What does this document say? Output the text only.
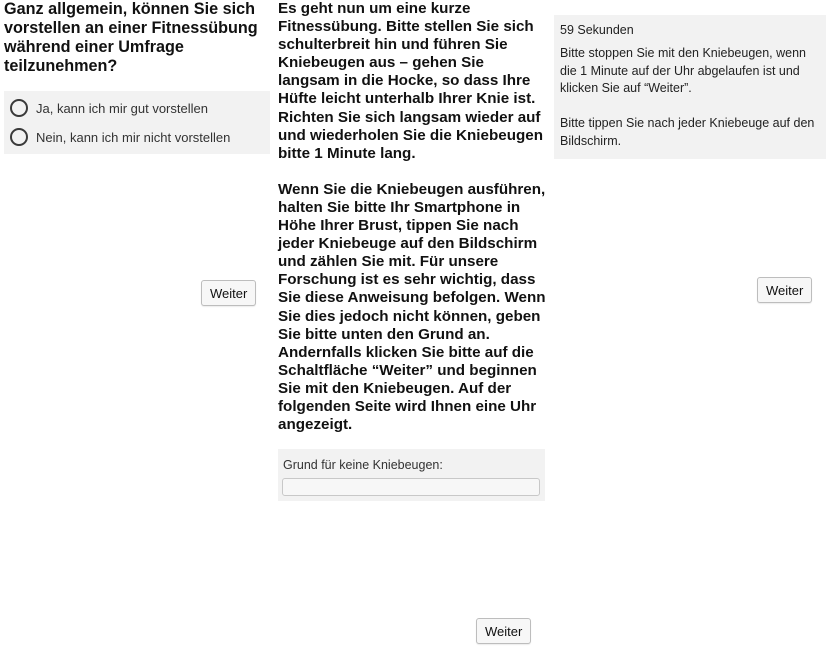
Ganz allgemein, können Sie sich vorstellen an einer Fitnessübung während einer Umfrage teilzunehmen?
Ja, kann ich mir gut vorstellen
Nein, kann ich mir nicht vorstellen
Weiter

Es geht nun um eine kurze Fitnessübung. Bitte stellen Sie sich schulterbreit hin und führen Sie Kniebeugen aus – gehen Sie langsam in die Hocke, so dass Ihre Hüfte leicht unterhalb Ihrer Knie ist. Richten Sie sich langsam wieder auf und wiederholen Sie die Kniebeugen bitte 1 Minute lang.

Wenn Sie die Kniebeugen ausführen, halten Sie bitte Ihr Smartphone in Höhe Ihrer Brust, tippen Sie nach jeder Kniebeuge auf den Bildschirm und zählen Sie mit. Für unsere Forschung ist es sehr wichtig, dass Sie diese Anweisung befolgen. Wenn Sie dies jedoch nicht können, geben Sie bitte unten den Grund an. Andernfalls klicken Sie bitte auf die Schaltfläche “Weiter” und beginnen Sie mit den Kniebeugen. Auf der folgenden Seite wird Ihnen eine Uhr angezeigt.

Grund für keine Kniebeugen:
Weiter
59 Sekunden

Bitte stoppen Sie mit den Kniebeugen, wenn die 1 Minute auf der Uhr abgelaufen ist und klicken Sie auf “Weiter”.

Bitte tippen Sie nach jeder Kniebeuge auf den Bildschirm.

Weiter
